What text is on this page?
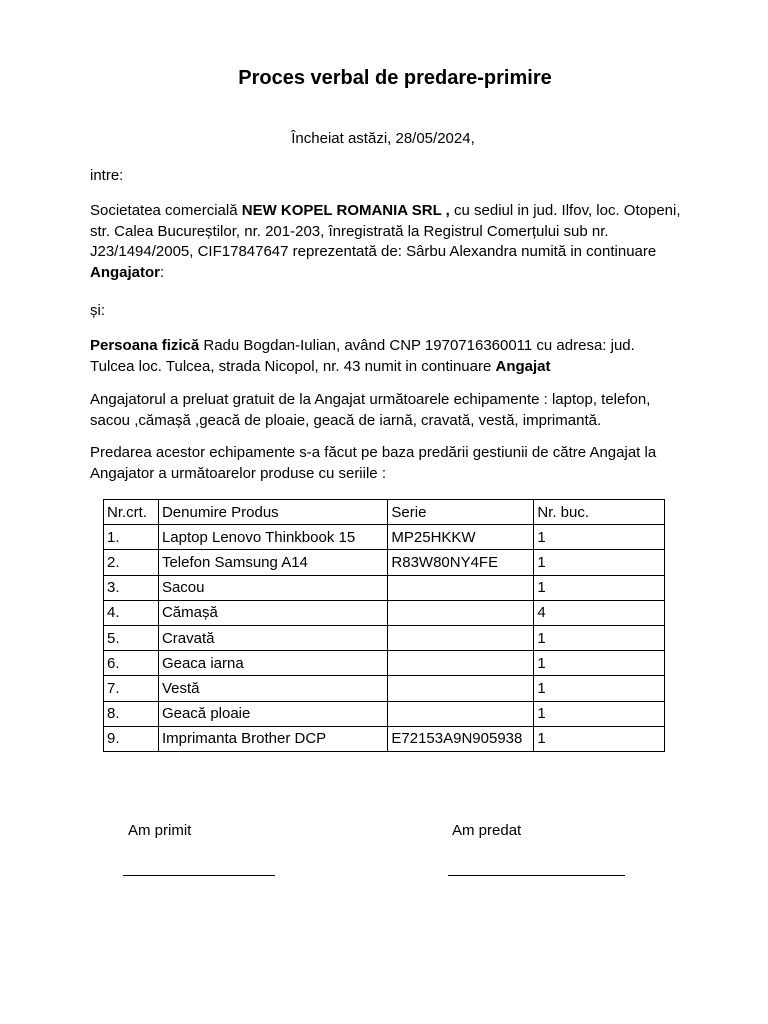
Proces verbal de predare-primire
Încheiat astăzi, 28/05/2024,
intre:
Societatea comercială NEW KOPEL ROMANIA SRL , cu sediul in jud. Ilfov, loc. Otopeni, str. Calea Bucureștilor, nr. 201-203, înregistrată la Registrul Comerțului sub nr. J23/1494/2005, CIF17847647 reprezentată de: Sârbu Alexandra numită in continuare Angajator:
și:
Persoana fizică Radu Bogdan-Iulian, având CNP 1970716360011 cu adresa: jud. Tulcea loc. Tulcea, strada Nicopol, nr. 43 numit in continuare Angajat
Angajatorul a preluat gratuit de la Angajat următoarele echipamente : laptop, telefon, sacou ,cămașă ,geacă de ploaie, geacă de iarnă, cravată, vestă, imprimantă.
Predarea acestor echipamente s-a făcut pe baza predării gestiunii de către Angajat la Angajator a următoarelor produse cu seriile :
Nr.crt.	Denumire Produs	Serie	Nr. buc.
1.	Laptop Lenovo Thinkbook 15	MP25HKKW	1
2.	Telefon Samsung A14	R83W80NY4FE	1
3.	Sacou		1
4.	Cămașă		4
5.	Cravată		1
6.	Geaca iarna		1
7.	Vestă		1
8.	Geacă ploaie		1
9.	Imprimanta Brother DCP	E72153A9N905938	1
Am primit	Am predat
